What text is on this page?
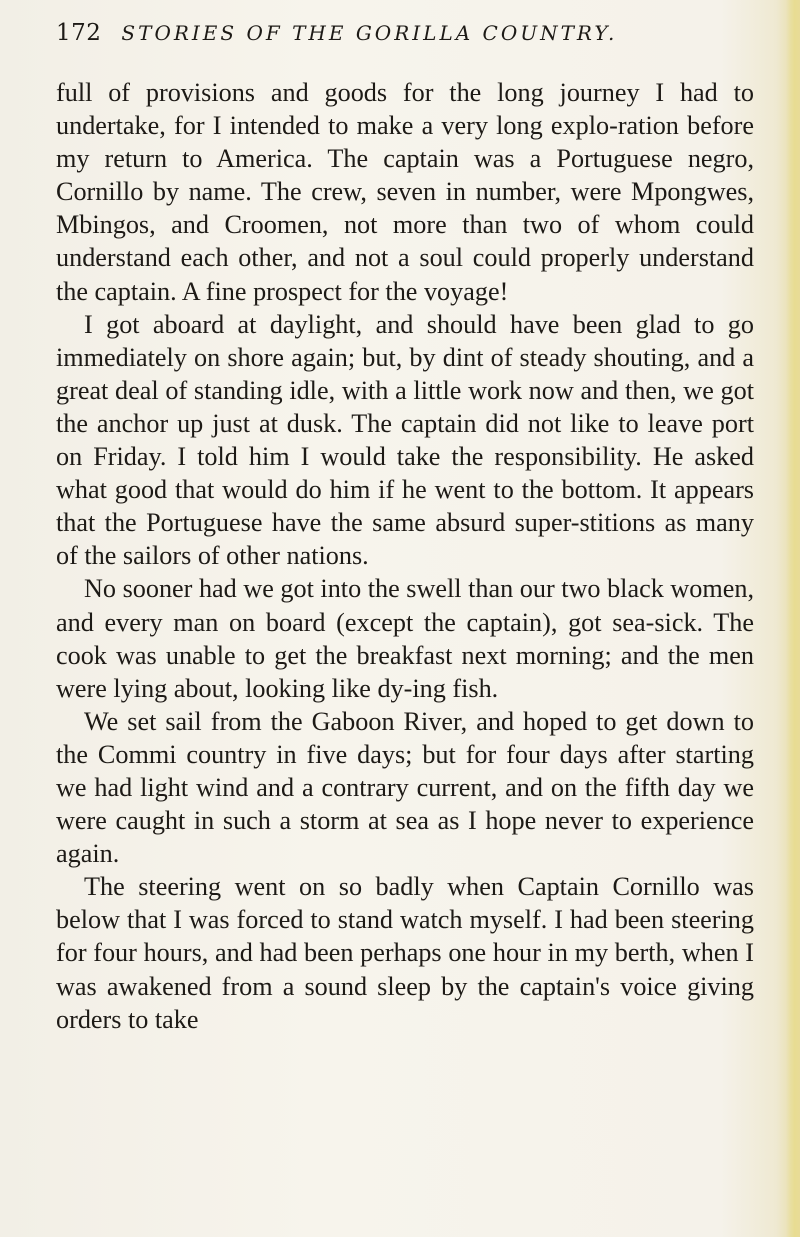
172 STORIES OF THE GORILLA COUNTRY.

full of provisions and goods for the long journey I had to undertake, for I intended to make a very long explo-ration before my return to America. The captain was a Portuguese negro, Cornillo by name. The crew, seven in number, were Mpongwes, Mbingos, and Croomen, not more than two of whom could understand each other, and not a soul could properly understand the captain. A fine prospect for the voyage!

I got aboard at daylight, and should have been glad to go immediately on shore again; but, by dint of steady shouting, and a great deal of standing idle, with a little work now and then, we got the anchor up just at dusk. The captain did not like to leave port on Friday. I told him I would take the responsibility. He asked what good that would do him if he went to the bottom. It appears that the Portuguese have the same absurd super-stitions as many of the sailors of other nations.

No sooner had we got into the swell than our two black women, and every man on board (except the captain), got sea-sick. The cook was unable to get the breakfast next morning; and the men were lying about, looking like dy-ing fish.

We set sail from the Gaboon River, and hoped to get down to the Commi country in five days; but for four days after starting we had light wind and a contrary current, and on the fifth day we were caught in such a storm at sea as I hope never to experience again.

The steering went on so badly when Captain Cornillo was below that I was forced to stand watch myself. I had been steering for four hours, and had been perhaps one hour in my berth, when I was awakened from a sound sleep by the captain's voice giving orders to take
